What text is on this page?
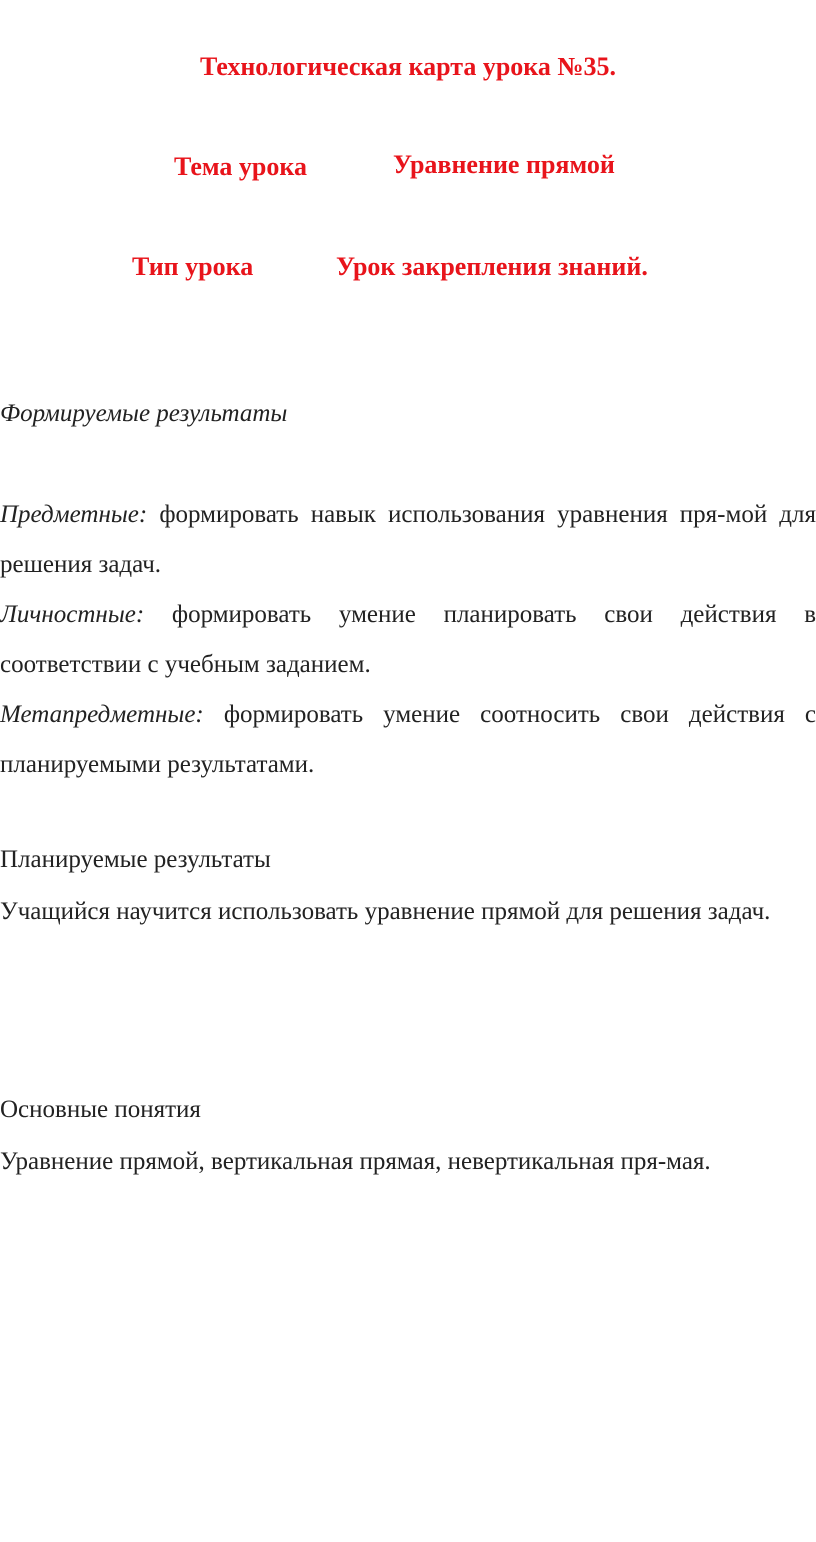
Технологическая карта урока №35.
Тема урока	Уравнение прямой
Тип урока	Урок закрепления знаний.
Формируемые результаты

Предметные: формировать навык использования уравнения пря-мой для решения задач.

Личностные: формировать умение планировать свои действия в соответствии с учебным заданием.

Метапредметные: формировать умение соотносить свои действия с планируемыми результатами.

Планируемые результаты

Учащийся научится использовать уравнение прямой для решения задач.

Основные понятия

Уравнение прямой, вертикальная прямая, невертикальная пря-мая.
